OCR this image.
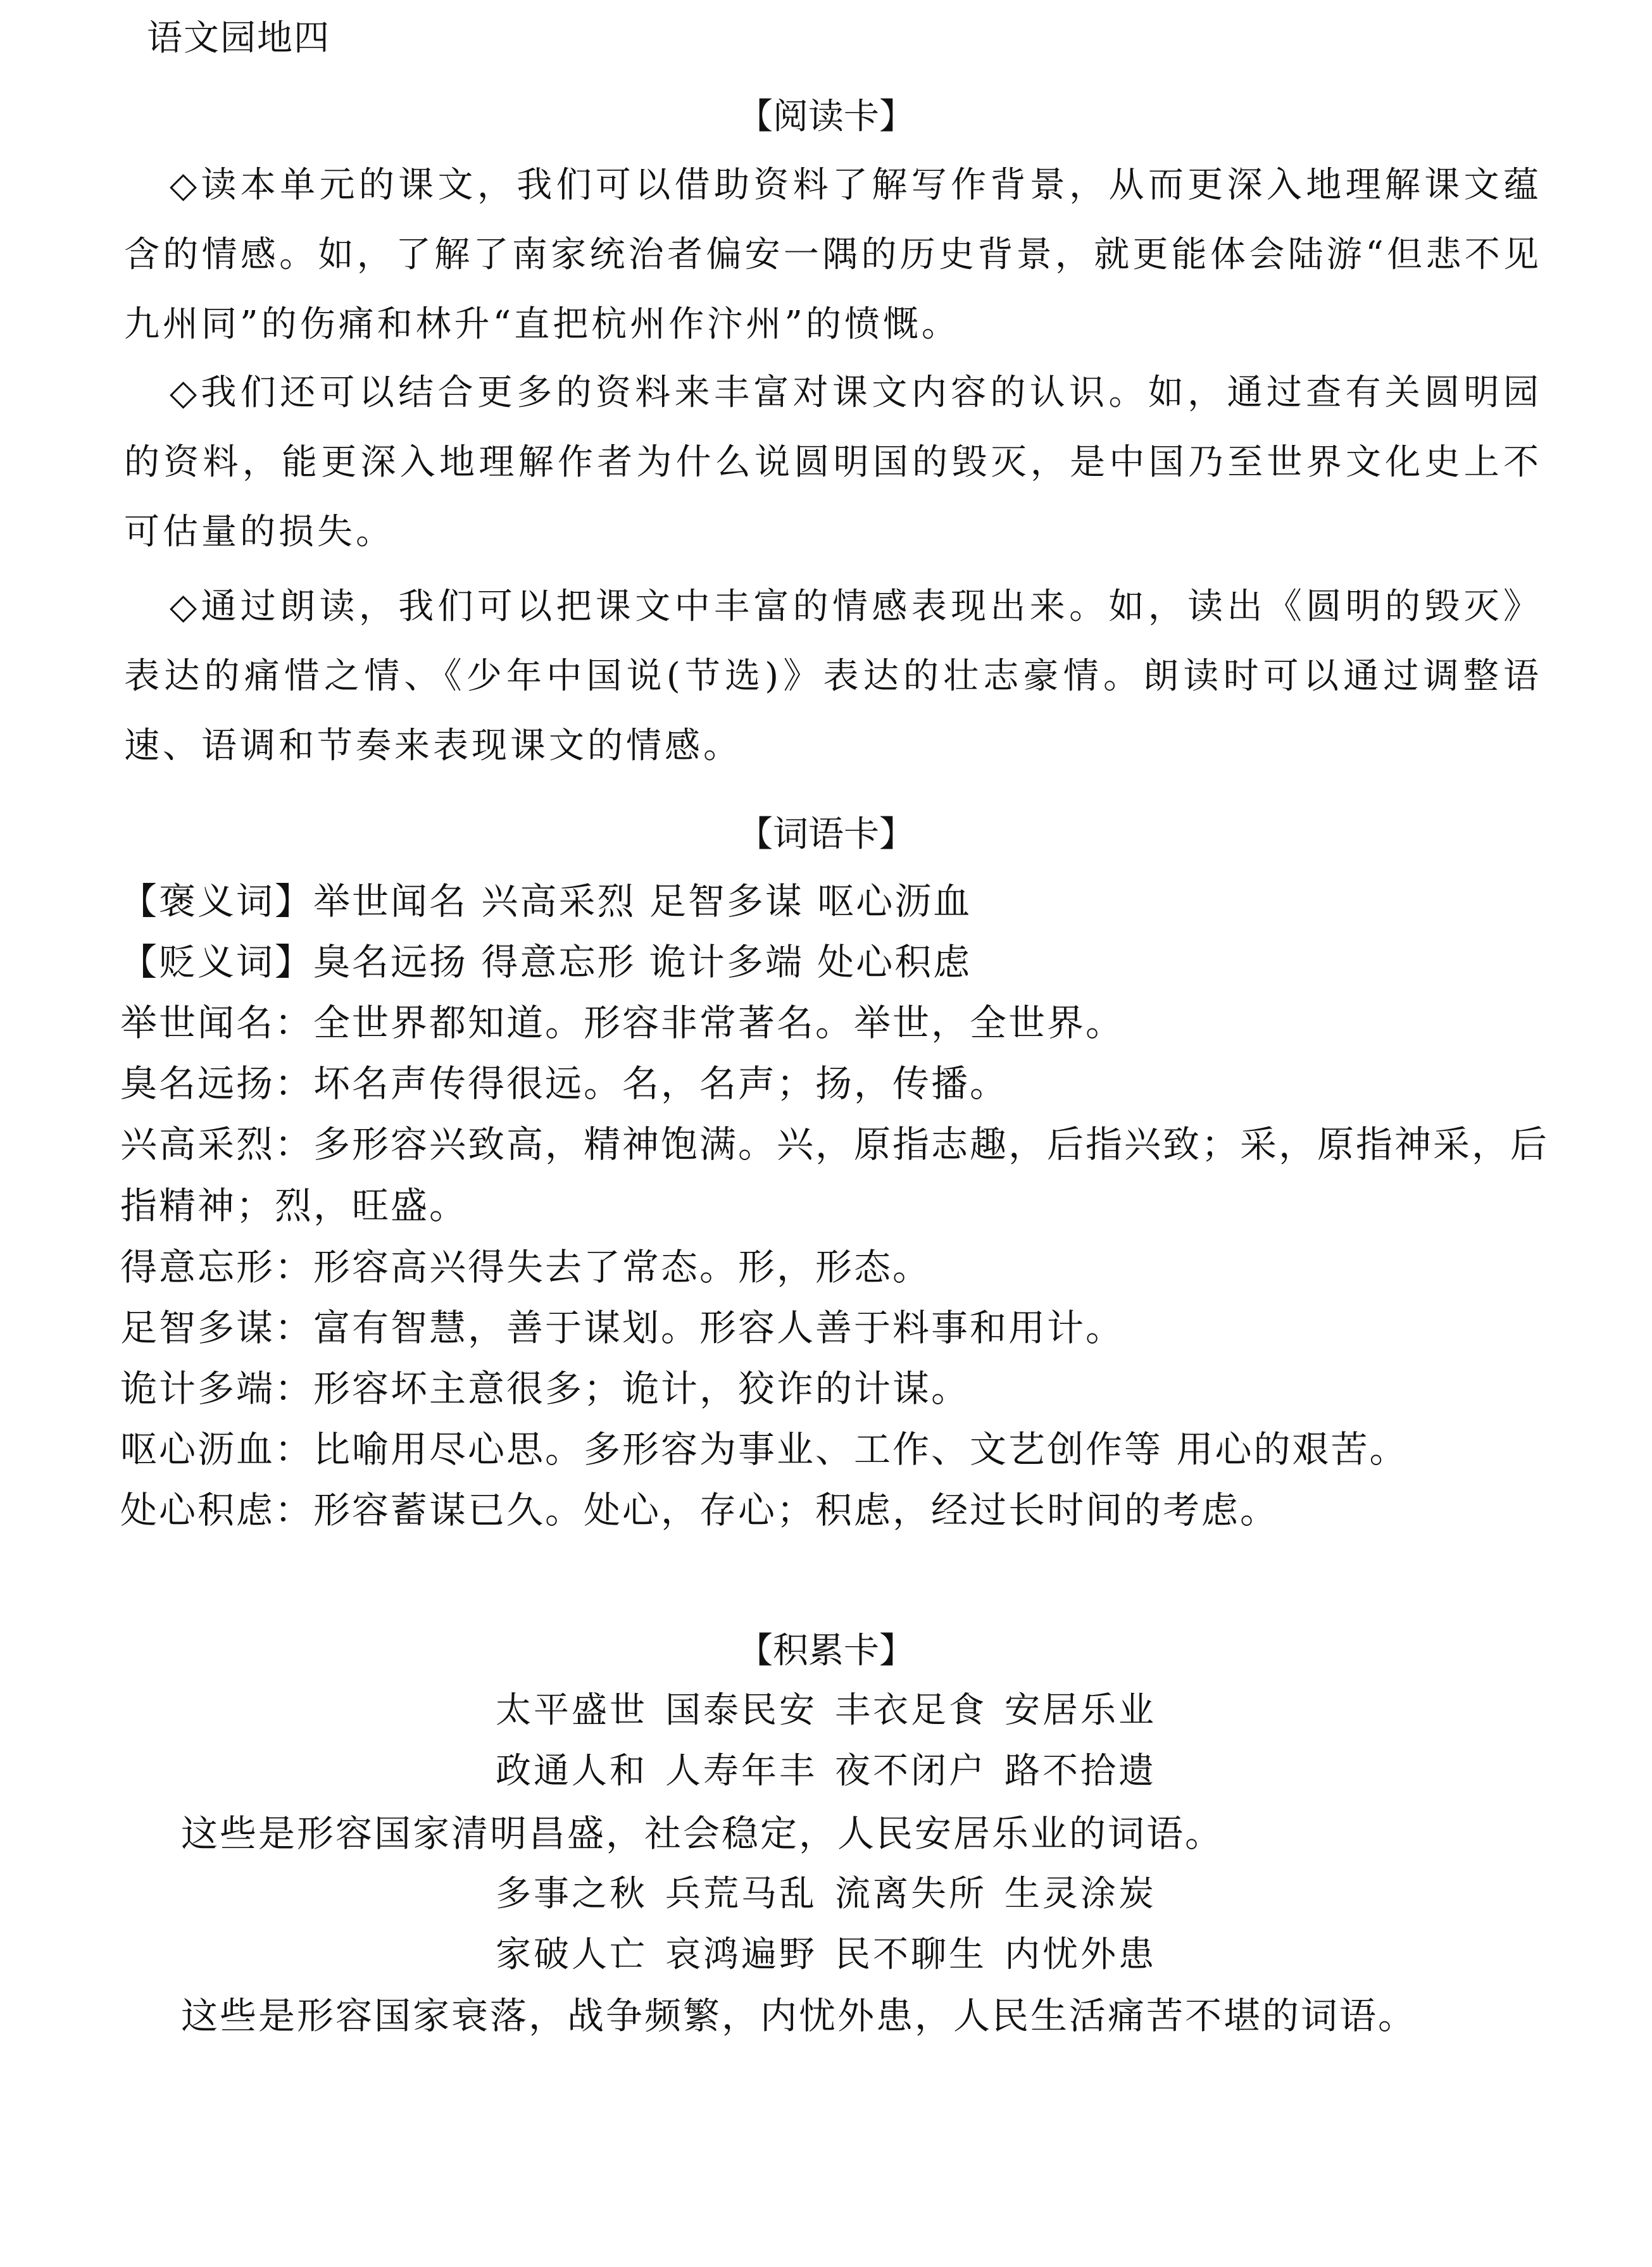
语文园地四
【阅读卡】
◇读本单元的课文，我们可以借助资料了解写作背景，从而更深入地理解课文蕴含的情感。如，了解了南家统治者偏安一隅的历史背景，就更能体会陆游“但悲不见九州同”的伤痛和林升“直把杭州作汴州”的愤慨。
◇我们还可以结合更多的资料来丰富对课文内容的认识。如，通过查有关圆明园的资料，能更深入地理解作者为什么说圆明国的毁灭，是中国乃至世界文化史上不可估量的损失。
◇通过朗读，我们可以把课文中丰富的情感表现出来。如，读出《圆明的毁灭》表达的痛惜之情、《少年中国说(节选)》表达的壮志豪情。朗读时可以通过调整语速、语调和节奏来表现课文的情感。
【词语卡】
【褒义词】举世闻名 兴高采烈 足智多谋 呕心沥血
【贬义词】臭名远扬 得意忘形 诡计多端 处心积虑
举世闻名：全世界都知道。形容非常著名。举世，全世界。
臭名远扬：坏名声传得很远。名，名声；扬，传播。
兴高采烈：多形容兴致高，精神饱满。兴，原指志趣，后指兴致；采，原指神采，后指精神；烈，旺盛。
得意忘形：形容高兴得失去了常态。形，形态。
足智多谋：富有智慧，善于谋划。形容人善于料事和用计。
诡计多端：形容坏主意很多；诡计，狡诈的计谋。
呕心沥血：比喻用尽心思。多形容为事业、工作、文艺创作等 用心的艰苦。
处心积虑：形容蓄谋已久。处心，存心；积虑，经过长时间的考虑。
【积累卡】
太平盛世 国泰民安 丰衣足食 安居乐业
政通人和 人寿年丰 夜不闭户 路不拾遗
这些是形容国家清明昌盛，社会稳定，人民安居乐业的词语。
多事之秋 兵荒马乱 流离失所 生灵涂炭
家破人亡 哀鸿遍野 民不聊生 内忧外患
这些是形容国家衰落，战争频繁，内忧外患，人民生活痛苦不堪的词语。
